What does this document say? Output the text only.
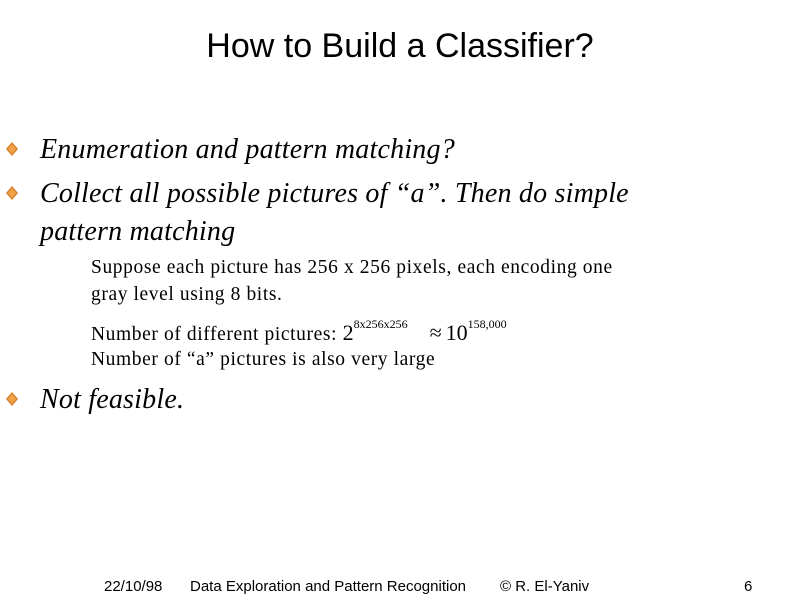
How to Build a Classifier?
Enumeration and pattern matching?
Collect all possible pictures of “a”. Then do simple
pattern matching
Suppose each picture has 256 x 256 pixels, each encoding one
gray level using 8 bits.
Number of different pictures: $2^{8x256x256} \approx 10^{158,000}$
Number of “a” pictures is also very large
Not feasible.
22/10/98 Data Exploration and Pattern Recognition © R. El-Yaniv	6
